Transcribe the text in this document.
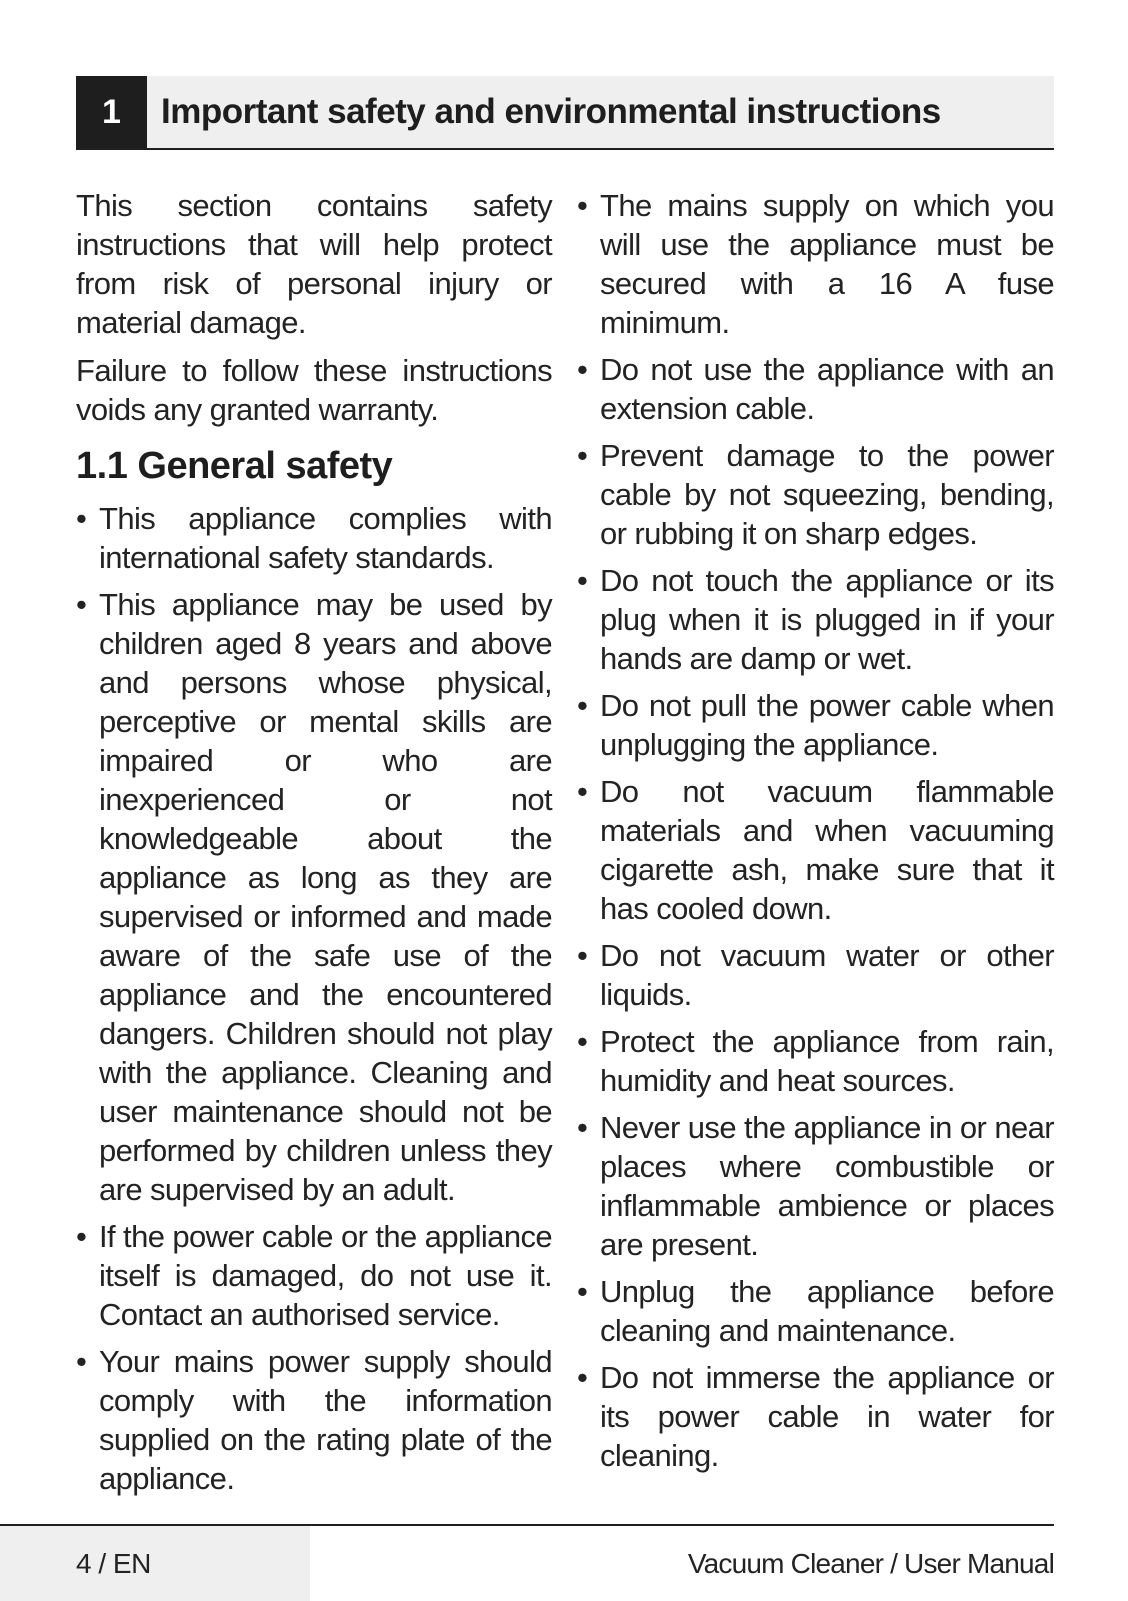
1	Important safety and environmental instructions

This section contains safety instructions that will help protect from risk of personal injury or material damage.

Failure to follow these instructions voids any granted warranty.

1.1 General safety
• This appliance complies with international safety standards.
• This appliance may be used by children aged 8 years and above and persons whose physical, perceptive or mental skills are impaired or who are inexperienced or not knowledgeable about the appliance as long as they are supervised or informed and made aware of the safe use of the appliance and the encountered dangers. Children should not play with the appliance. Cleaning and user maintenance should not be performed by children unless they are supervised by an adult.
• If the power cable or the appliance itself is damaged, do not use it. Contact an authorised service.
• Your mains power supply should comply with the information supplied on the rating plate of the appliance.
• The mains supply on which you will use the appliance must be secured with a 16 A fuse minimum.
• Do not use the appliance with an extension cable.
• Prevent damage to the power cable by not squeezing, bending, or rubbing it on sharp edges.
• Do not touch the appliance or its plug when it is plugged in if your hands are damp or wet.
• Do not pull the power cable when unplugging the appliance.
• Do not vacuum flammable materials and when vacuuming cigarette ash, make sure that it has cooled down.
• Do not vacuum water or other liquids.
• Protect the appliance from rain, humidity and heat sources.
• Never use the appliance in or near places where combustible or inflammable ambience or places are present.
• Unplug the appliance before cleaning and maintenance.
• Do not immerse the appliance or its power cable in water for cleaning.
4 / EN	Vacuum Cleaner / User Manual
